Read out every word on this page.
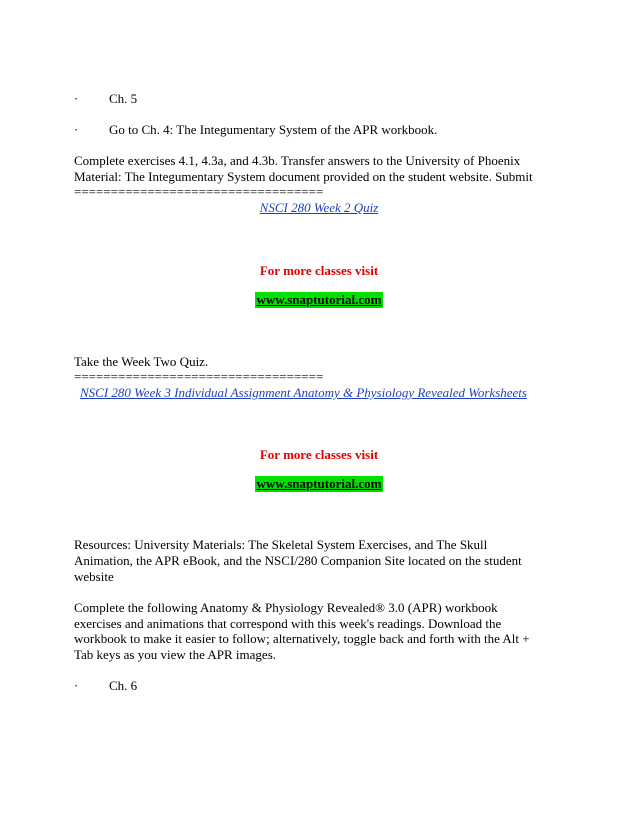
· Ch. 5
· Go to Ch. 4: The Integumentary System of the APR workbook.
Complete exercises 4.1, 4.3a, and 4.3b. Transfer answers to the University of Phoenix
Material: The Integumentary System document provided on the student website. Submit
==================================
NSCI 280 Week 2 Quiz
For more classes visit
www.snaptutorial.com
Take the Week Two Quiz.
==================================
NSCI 280 Week 3 Individual Assignment Anatomy & Physiology Revealed Worksheets
For more classes visit
www.snaptutorial.com
Resources: University Materials: The Skeletal System Exercises, and The Skull
Animation, the APR eBook, and the NSCI/280 Companion Site located on the student
website
Complete the following Anatomy & Physiology Revealed® 3.0 (APR) workbook
exercises and animations that correspond with this week's readings. Download the
workbook to make it easier to follow; alternatively, toggle back and forth with the Alt +
Tab keys as you view the APR images.
· Ch. 6
